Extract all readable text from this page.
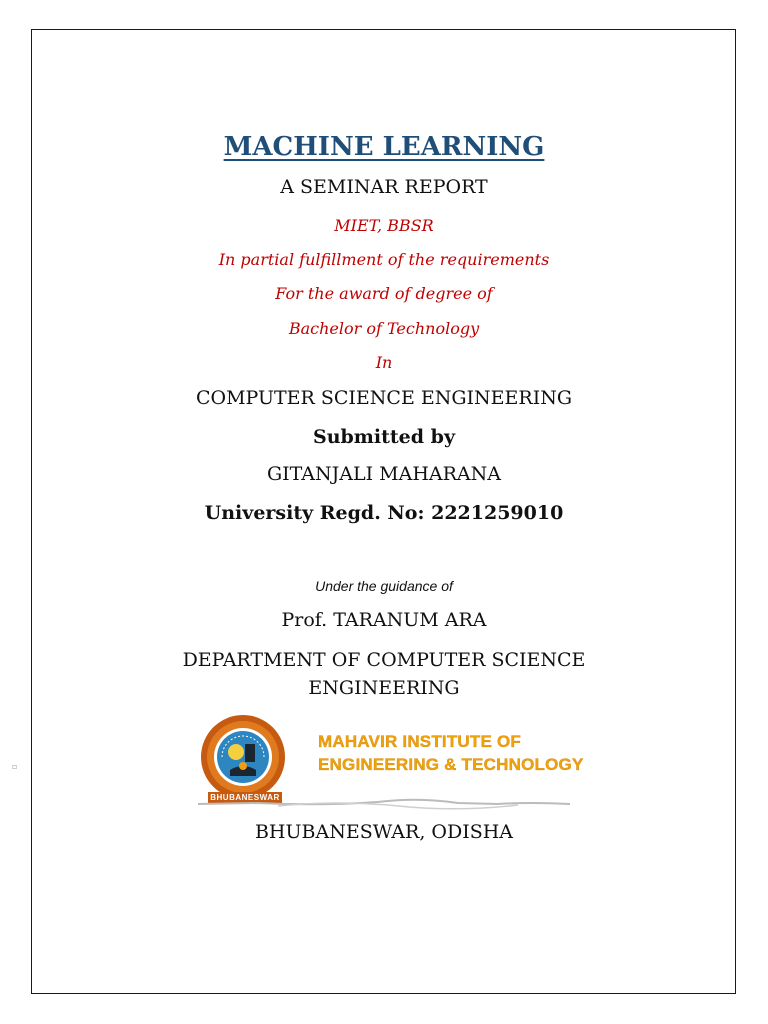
MACHINE LEARNING
A SEMINAR REPORT
MIET, BBSR
In partial fulfillment of the requirements
For the award of degree of
Bachelor of Technology
In
COMPUTER SCIENCE ENGINEERING
Submitted by
GITANJALI MAHARANA
University Regd. No: 2221259010
Under the guidance of
Prof. TARANUM ARA
DEPARTMENT OF COMPUTER SCIENCE ENGINEERING
▫
BHUBANESWAR
MAHAVIR INSTITUTE OF
ENGINEERING & TECHNOLOGY
BHUBANESWAR, ODISHA
